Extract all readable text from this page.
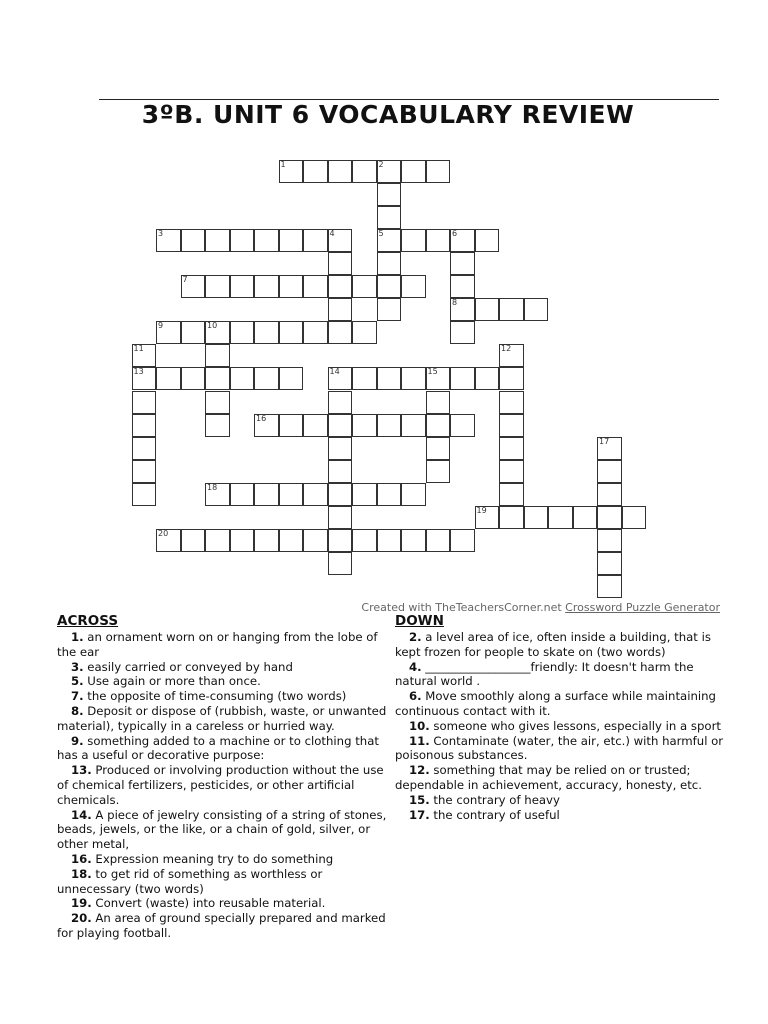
3ºB. UNIT 6 VOCABULARY REVIEW
1	2
3	4	5	6
7
8
9	10
11	12
13	14	15
16
17
18
19
20
Created with TheTeachersCorner.net Crossword Puzzle Generator
ACROSS
1. an ornament worn on or hanging from the lobe of the ear
3. easily carried or conveyed by hand
5. Use again or more than once.
7. the opposite of time-consuming (two words)
8. Deposit or dispose of (rubbish, waste, or unwanted material), typically in a careless or hurried way.
9. something added to a machine or to clothing that has a useful or decorative purpose:
13. Produced or involving production without the use of chemical fertilizers, pesticides, or other artificial chemicals.
14. A piece of jewelry consisting of a string of stones, beads, jewels, or the like, or a chain of gold, silver, or other metal,
16. Expression meaning try to do something
18. to get rid of something as worthless or unnecessary (two words)
19. Convert (waste) into reusable material.
20. An area of ground specially prepared and marked for playing football.
DOWN
2. a level area of ice, often inside a building, that is kept frozen for people to skate on (two words)
4. __________________friendly: It doesn't harm the natural world .
6. Move smoothly along a surface while maintaining continuous contact with it.
10. someone who gives lessons, especially in a sport
11. Contaminate (water, the air, etc.) with harmful or poisonous substances.
12. something that may be relied on or trusted; dependable in achievement, accuracy, honesty, etc.
15. the contrary of heavy
17. the contrary of useful
